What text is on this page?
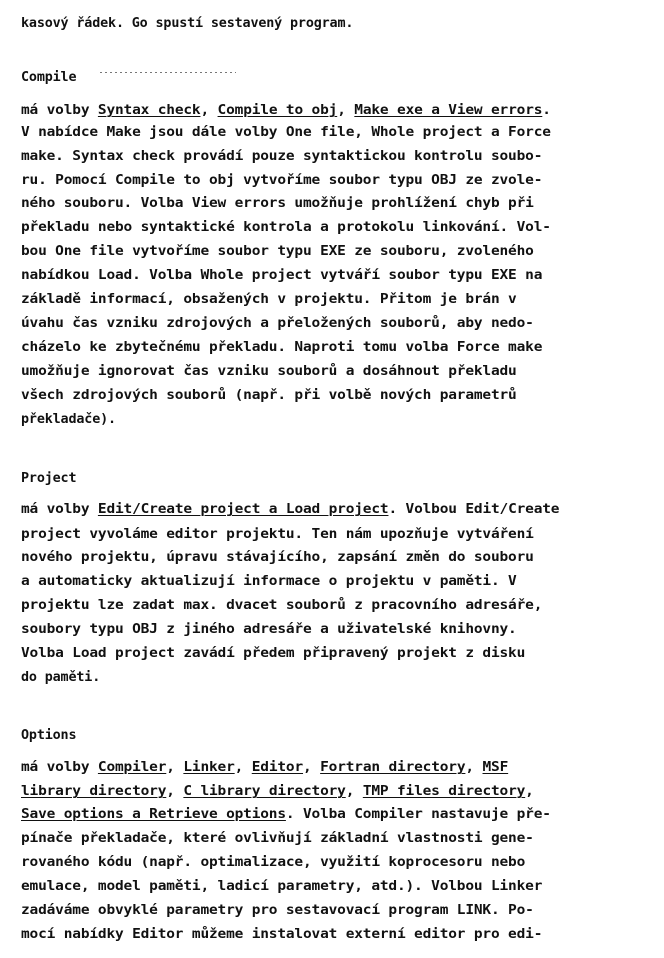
kasový řádek. Go spustí sestavený program.
Compile
má volby Syntax check, Compile to obj, Make exe a View errors.
V nabídce Make jsou dále volby One file, Whole project a Force
make. Syntax check provádí pouze syntaktickou kontrolu soubo-
ru. Pomocí Compile to obj vytvoříme soubor typu OBJ ze zvole-
ného souboru. Volba View errors umožňuje prohlížení chyb při
překladu nebo syntaktické kontrola a protokolu linkování. Vol-
bou One file vytvoříme soubor typu EXE ze souboru, zvoleného
nabídkou Load. Volba Whole project vytváří soubor typu EXE na
základě informací, obsažených v projektu. Přitom je brán v
úvahu čas vzniku zdrojových a přeložených souborů, aby nedo-
cházelo ke zbytečnému překladu. Naproti tomu volba Force make
umožňuje ignorovat čas vzniku souborů a dosáhnout překladu
všech zdrojových souborů (např. při volbě nových parametrů
překladače).
Project
má volby Edit/Create project a Load project. Volbou Edit/Create
project vyvoláme editor projektu. Ten nám upozňuje vytváření
nového projektu, úpravu stávajícího, zapsání změn do souboru
a automaticky aktualizují informace o projektu v paměti. V
projektu lze zadat max. dvacet souborů z pracovního adresáře,
soubory typu OBJ z jiného adresáře a uživatelské knihovny.
Volba Load project zavádí předem připravený projekt z disku
do paměti.
Options
má volby Compiler, Linker, Editor, Fortran directory, MSF
library directory, C library directory, TMP files directory,
Save options a Retrieve options. Volba Compiler nastavuje pře-
pínače překladače, které ovlivňují základní vlastnosti gene-
rovaného kódu (např. optimalizace, využití koprocesoru nebo
emulace, model paměti, ladicí parametry, atd.). Volbou Linker
zadáváme obvyklé parametry pro sestavovací program LINK. Po-
mocí nabídky Editor můžeme instalovat externí editor pro edi-
